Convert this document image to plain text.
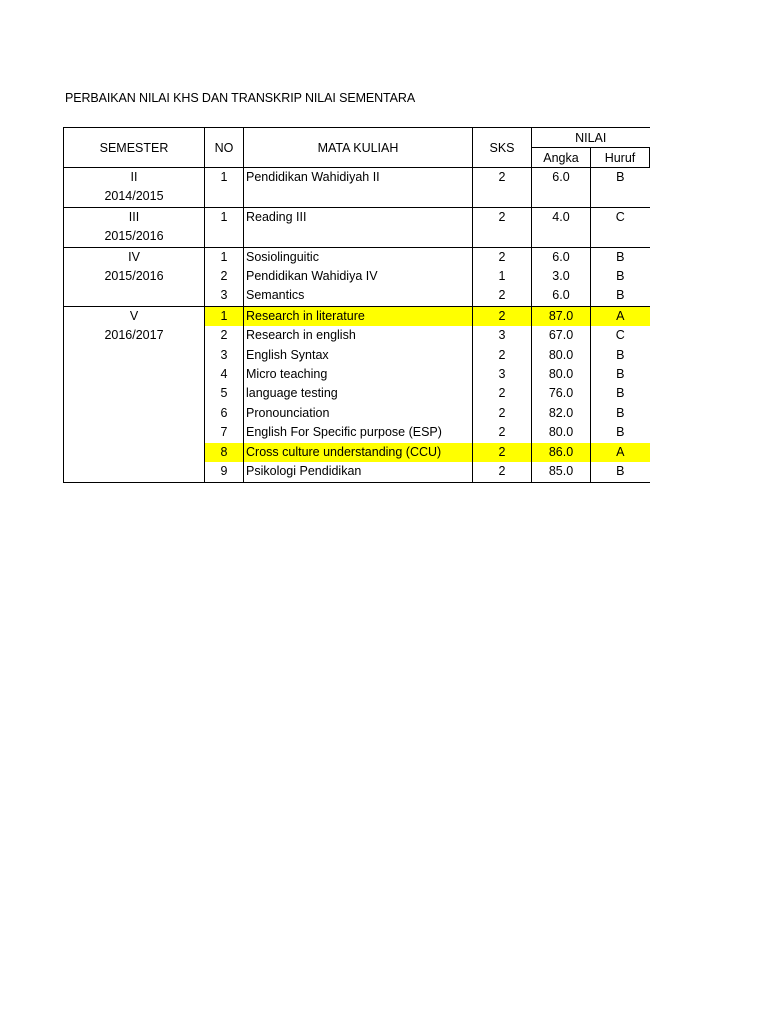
PERBAIKAN NILAI KHS DAN TRANSKRIP NILAI SEMENTARA
SEMESTER	NO	MATA KULIAH	SKS	NILAI	
				Angka	Huruf
II	1	Pendidikan Wahidiyah II	2	6.0	B
2014/2015					
III	1	Reading III	2	4.0	C
2015/2016					
IV	1	Sosiolinguitic	2	6.0	B
2015/2016	2	Pendidikan Wahidiya IV	1	3.0	B
	3	Semantics	2	6.0	B
V	1	Research in literature	2	87.0	A
2016/2017	2	Research in english	3	67.0	C
	3	English Syntax	2	80.0	B
	4	Micro teaching	3	80.0	B
	5	language testing	2	76.0	B
	6	Pronounciation	2	82.0	B
	7	English For Specific purpose (ESP)	2	80.0	B
	8	Cross culture understanding (CCU)	2	86.0	A
	9	Psikologi Pendidikan	2	85.0	B
